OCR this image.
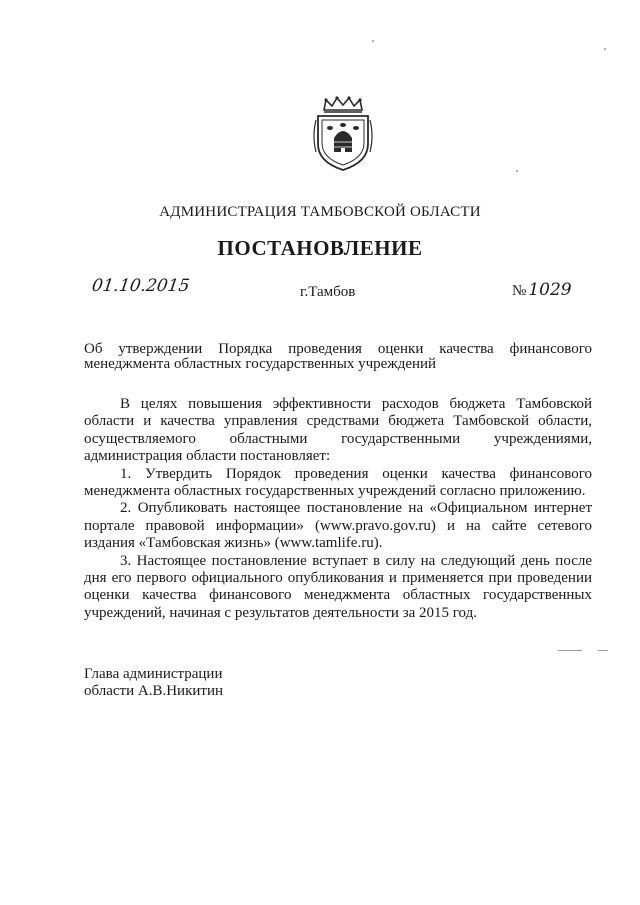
АДМИНИСТРАЦИЯ ТАМБОВСКОЙ ОБЛАСТИ
ПОСТАНОВЛЕНИЕ
01.10.2015	г.Тамбов	№ 1029
Об утверждении Порядка проведения оценки качества финансового менеджмента областных государственных учреждений

В целях повышения эффективности расходов бюджета Тамбовской области и качества управления средствами бюджета Тамбовской области, осуществляемого областными государственными учреждениями, администрация области постановляет:

1. Утвердить Порядок проведения оценки качества финансового менеджмента областных государственных учреждений согласно приложению.

2. Опубликовать настоящее постановление на «Официальном интернет портале правовой информации» (www.pravo.gov.ru) и на сайте сетевого издания «Тамбовская жизнь» (www.tamlife.ru).

3. Настоящее постановление вступает в силу на следующий день после дня его первого официального опубликования и применяется при проведении оценки качества финансового менеджмента областных государственных учреждений, начиная с результатов деятельности за 2015 год.

Глава администрации
области А.В.Никитин
